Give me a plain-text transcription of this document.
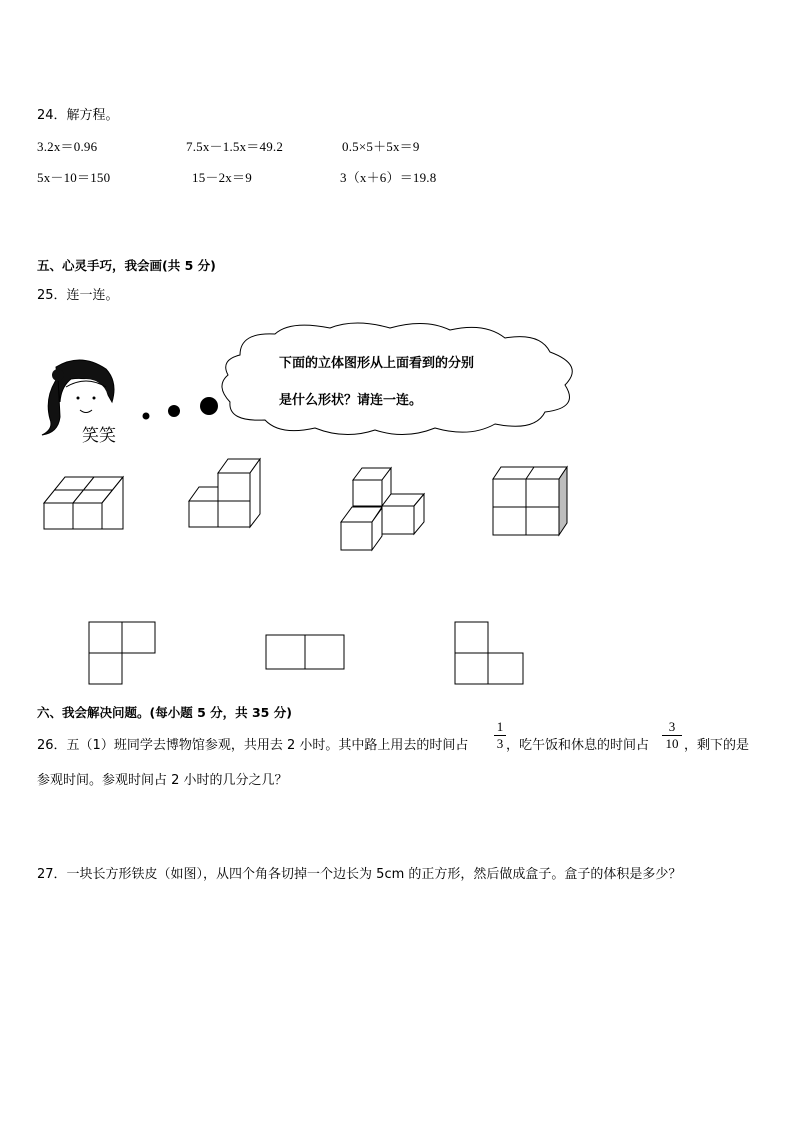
24．解方程。
3.2x＝0.96	7.5x－1.5x＝49.2	0.5×5＋5x＝9
5x－10＝150	15－2x＝9	3（x＋6）＝19.8
五、心灵手巧，我会画(共 5 分)
25．连一连。
笑笑
下面的立体图形从上面看到的分别
是什么形状？请连一连。
六、我会解决问题。(每小题 5 分，共 35 分)
26．五（1）班同学去博物馆参观，共用去 2 小时。其中路上用去的时间占
1
3 ，吃午饭和休息的时间占
3
10 ，剩下的是
参观时间。参观时间占 2 小时的几分之几？
27．一块长方形铁皮（如图），从四个角各切掉一个边长为 5cm 的正方形，然后做成盒子。盒子的体积是多少？
